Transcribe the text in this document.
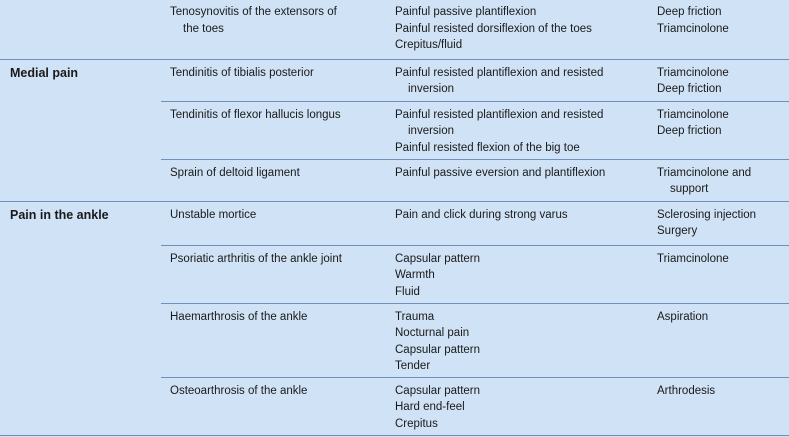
	Tenosynovitis of the extensors of
the toes	Painful passive plantiflexion
Painful resisted dorsiflexion of the toes
Crepitus/fluid	Deep friction
Triamcinolone

Medial pain	Tendinitis of tibialis posterior	Painful resisted plantiflexion and resisted
inversion	Triamcinolone
Deep friction

	Tendinitis of flexor hallucis longus	Painful resisted plantiflexion and resisted
inversion
Painful resisted flexion of the big toe	Triamcinolone
Deep friction

	Sprain of deltoid ligament	Painful passive eversion and plantiflexion	Triamcinolone and
support

Pain in the ankle	Unstable mortice	Pain and click during strong varus	Sclerosing injection
Surgery

	Psoriatic arthritis of the ankle joint	Capsular pattern
Warmth
Fluid	Triamcinolone

	Haemarthrosis of the ankle	Trauma
Nocturnal pain
Capsular pattern
Tender	Aspiration

	Osteoarthrosis of the ankle	Capsular pattern
Hard end-feel
Crepitus	Arthrodesis
